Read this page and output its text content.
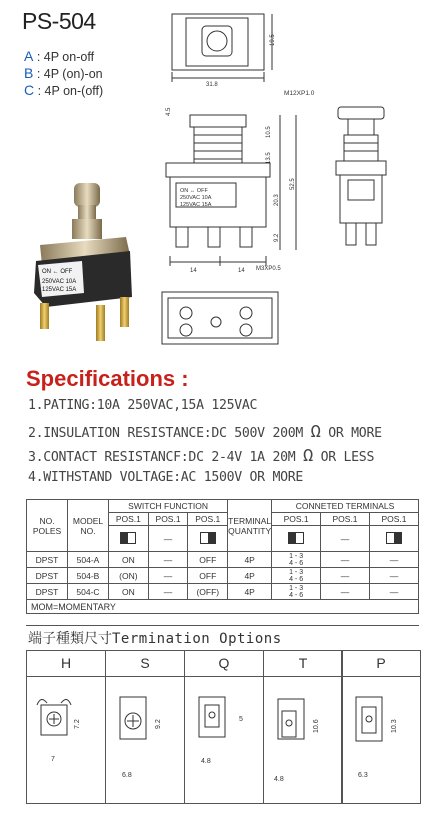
PS-504
A : 4P on-off
B : 4P (on)-on
C : 4P on-(off)
ON ← OFF
250VAC 10A
125VAC 15A
31.8
19.5
M12XP1.0
4.5
10.5
13.5
20.3
52.5
9.2
ON ↔ OFF
250VAC 10A
125VAC 15A
14	14 M3XP0.5
Specifications :
1.PATING:10A 250VAC,15A 125VAC
2.INSULATION RESISTANCE:DC 500V 200M Ω OR MORE
3.CONTACT RESISTANCF:DC 2-4V 1A 20M Ω OR LESS
4.WITHSTAND VOLTAGE:AC 1500V OR MORE
NO. POLES	MODEL NO.	SWITCH FUNCTION			TERMINAL QUANTITY	CONNETED TERMINALS		
		POS.1	POS.1	POS.1		POS.1	POS.1	POS.1
			—				—	
DPST	504-A	ON	—	OFF	4P	1 - 3
4 - 6	—	—
DPST	504-B	(ON)	—	OFF	4P	1 - 3
4 - 6	—	—
DPST	504-C	ON	—	(OFF)	4P	1 - 3
4 - 6	—	—
MOM=MOMENTARY								
端子種類尺寸Termination Options
H
7.2
7
S
9.2
6.8
Q
5
4.8
T
10.6
4.8
P
10.3
6.3
